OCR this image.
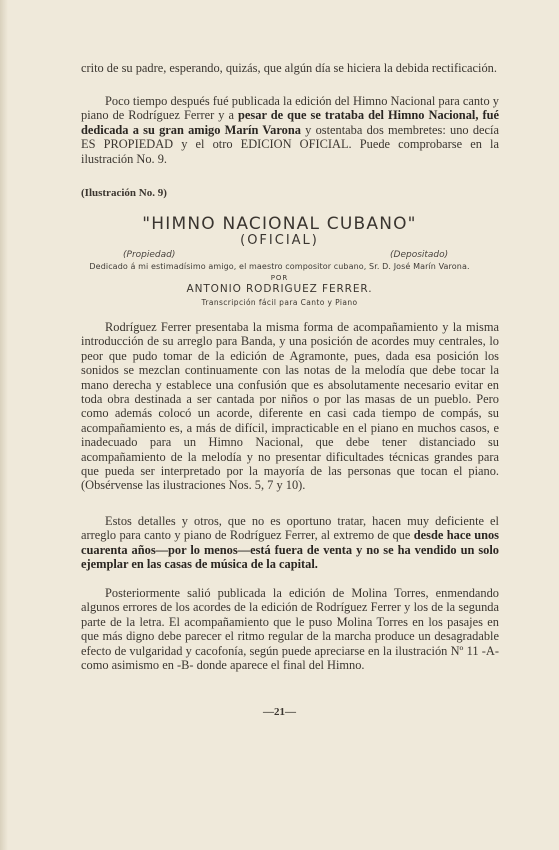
crito de su padre, esperando, quizás, que algún día se hiciera la debida rectificación.

Poco tiempo después fué publicada la edición del Himno Nacional para canto y piano de Rodríguez Ferrer y a pesar de que se trataba del Himno Nacional, fué dedicada a su gran amigo Marín Varona y ostentaba dos membretes: uno decía ES PROPIEDAD y el otro EDICION OFICIAL. Puede comprobarse en la ilustración No. 9.

(Ilustración No. 9)
"HIMNO NACIONAL CUBANO"
(OFICIAL)
(Propiedad)	(Depositado)
Dedicado á mi estimadísimo amigo, el maestro compositor cubano, Sr. D. José Marín Varona.
POR
ANTONIO RODRIGUEZ FERRER.
Transcripción fácil para Canto y Piano

Rodríguez Ferrer presentaba la misma forma de acompañamiento y la misma introducción de su arreglo para Banda, y una posición de acordes muy centrales, lo peor que pudo tomar de la edición de Agramonte, pues, dada esa posición los sonidos se mezclan continuamente con las notas de la melodía que debe tocar la mano derecha y establece una confusión que es absolutamente necesario evitar en toda obra destinada a ser cantada por niños o por las masas de un pueblo. Pero como además colocó un acorde, diferente en casi cada tiempo de compás, su acompañamiento es, a más de difícil, impracticable en el piano en muchos casos, e inadecuado para un Himno Nacional, que debe tener distanciado su acompañamiento de la melodía y no presentar dificultades técnicas grandes para que pueda ser interpretado por la mayoría de las personas que tocan el piano. (Obsérvense las ilustraciones Nos. 5, 7 y 10).

Estos detalles y otros, que no es oportuno tratar, hacen muy deficiente el arreglo para canto y piano de Rodríguez Ferrer, al extremo de que desde hace unos cuarenta años—por lo menos—está fuera de venta y no se ha vendido un solo ejemplar en las casas de música de la capital.

Posteriormente salió publicada la edición de Molina Torres, enmendando algunos errores de los acordes de la edición de Rodríguez Ferrer y los de la segunda parte de la letra. El acompañamiento que le puso Molina Torres en los pasajes en que más digno debe parecer el ritmo regular de la marcha produce un desagradable efecto de vulgaridad y cacofonía, según puede apreciarse en la ilustración Nº 11 -A- como asimismo en -B- donde aparece el final del Himno.

—21—
